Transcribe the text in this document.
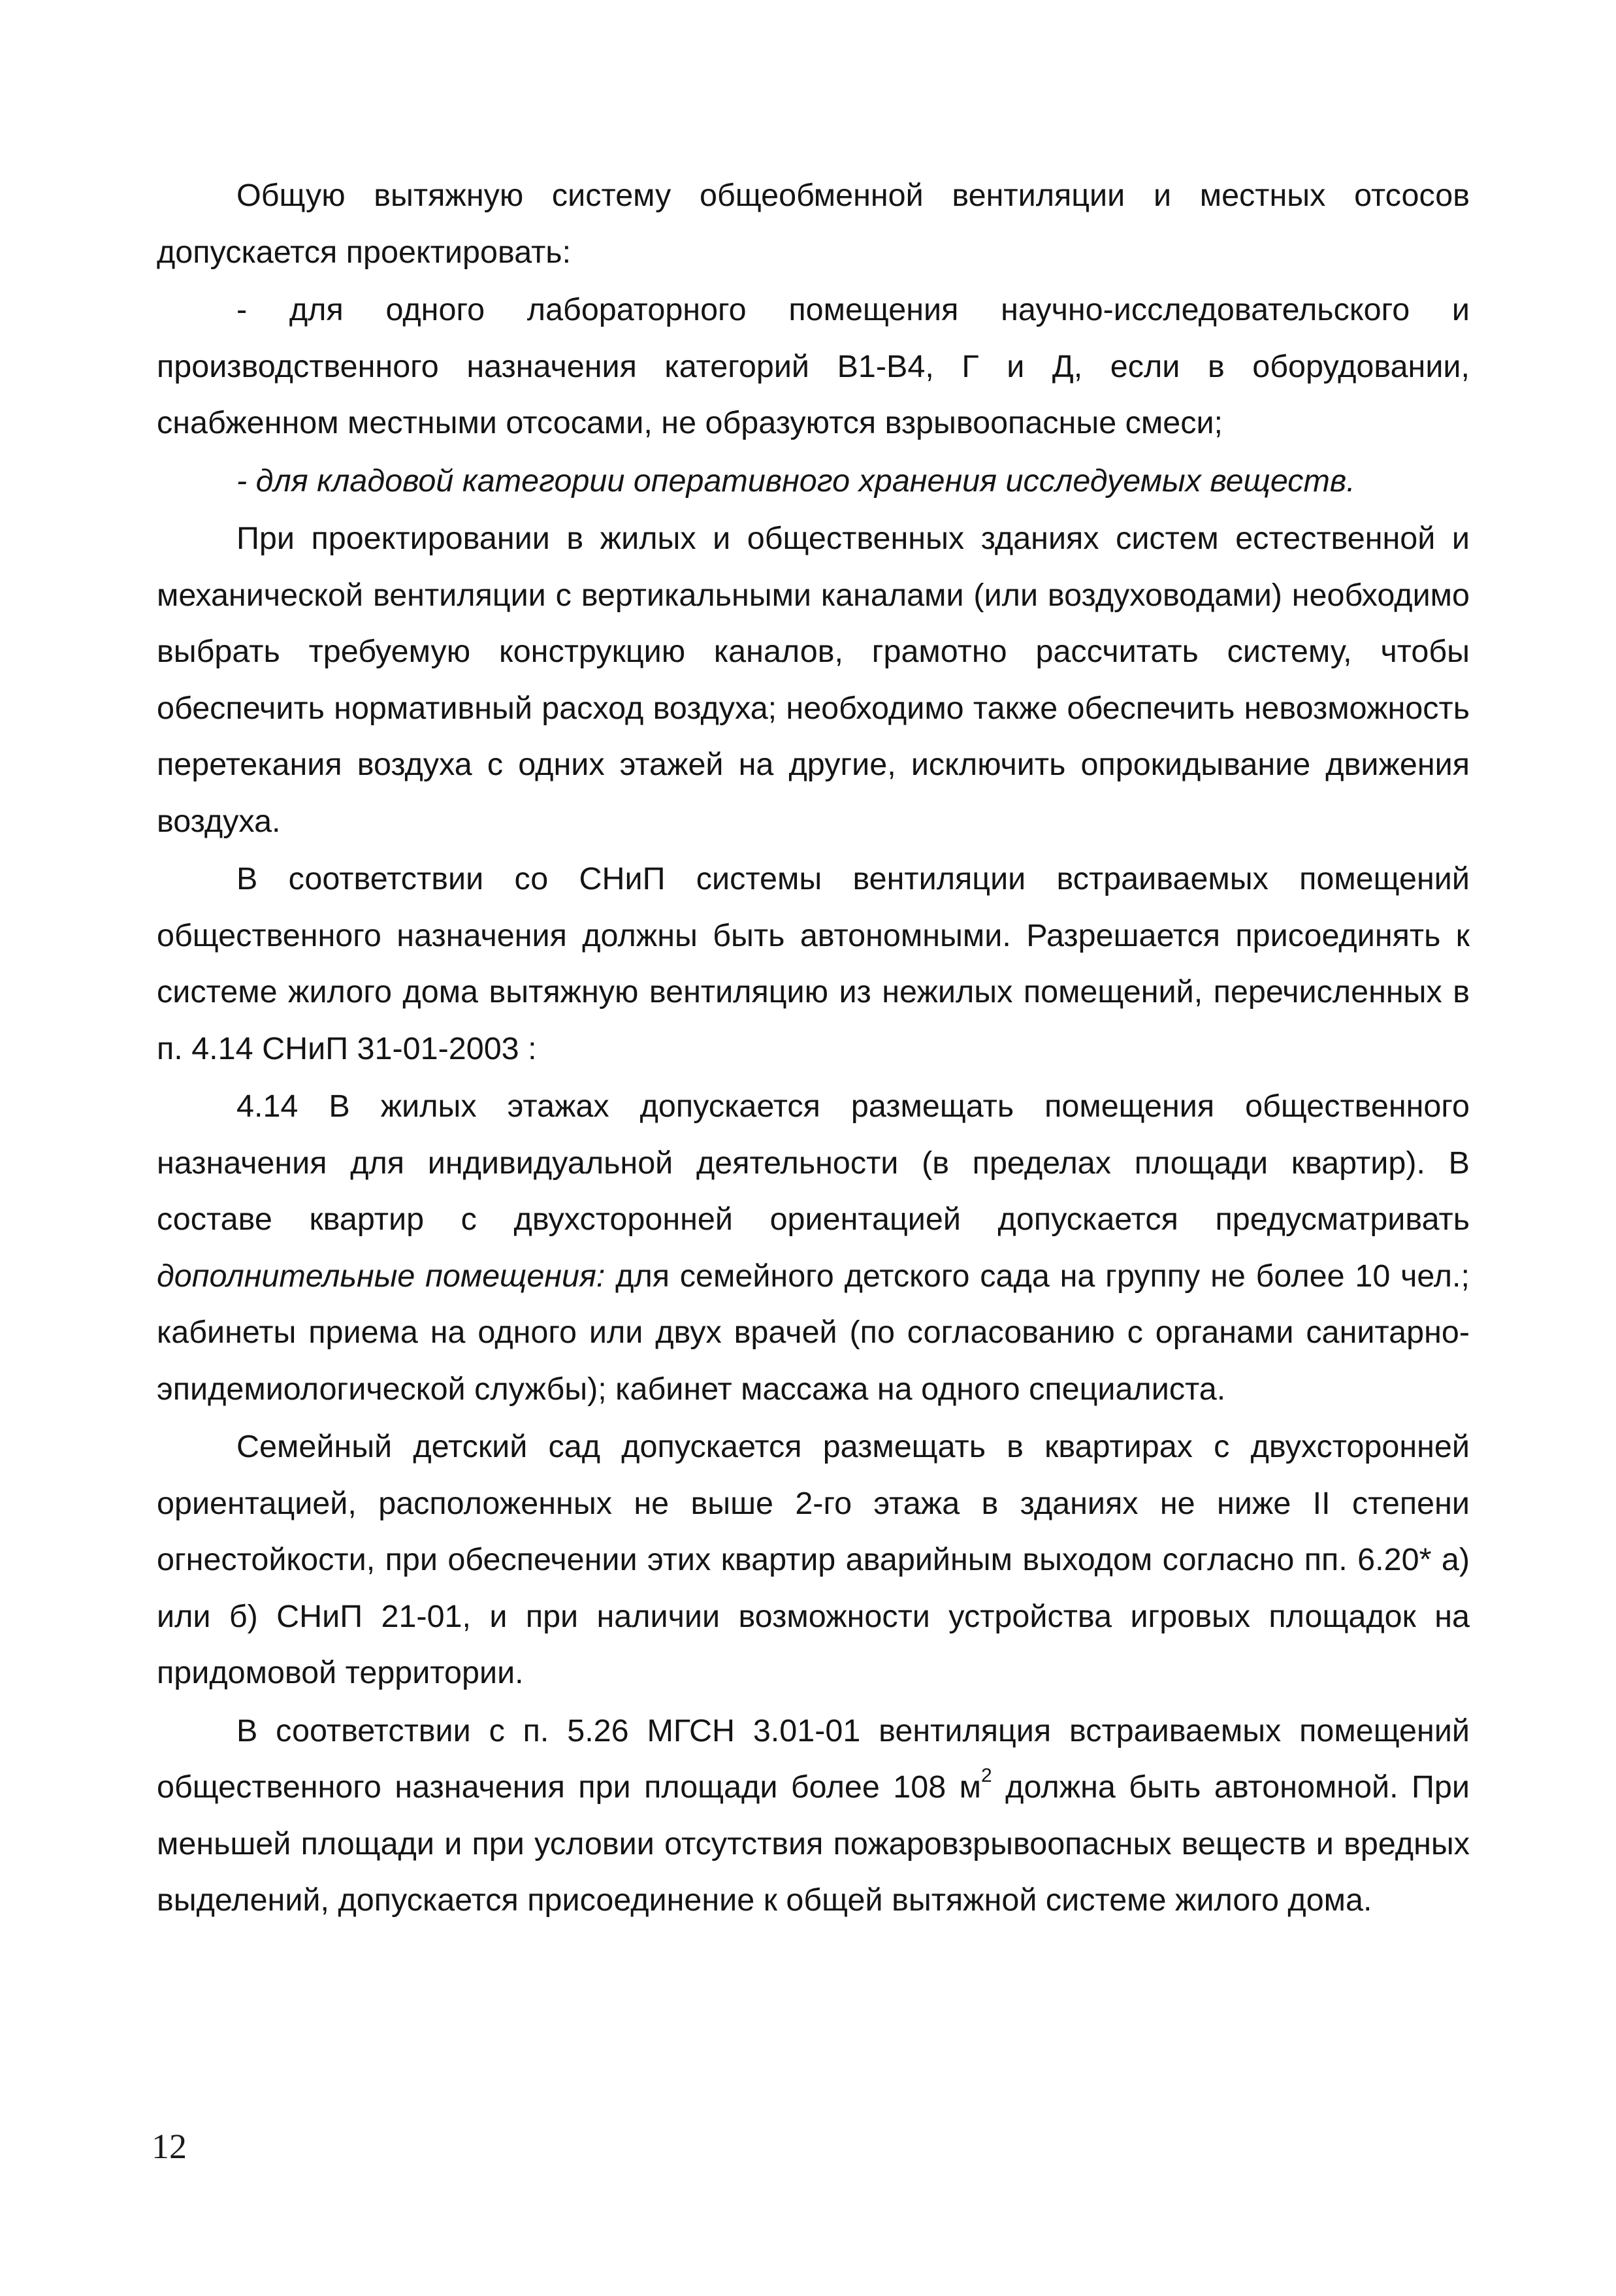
Общую вытяжную систему общеобменной вентиляции и местных отсосов допускается проектировать:

- для одного лабораторного помещения научно-исследовательского и производственного назначения категорий В1-В4, Г и Д, если в оборудовании, снабженном местными отсосами, не образуются взрывоопасные смеси;

- для кладовой категории оперативного хранения исследуемых веществ.

При проектировании в жилых и общественных зданиях систем естественной и механической вентиляции с вертикальными каналами (или воздуховодами) необходимо выбрать требуемую конструкцию каналов, грамотно рассчитать систему, чтобы обеспечить нормативный расход воздуха; необходимо также обеспечить невозможность перетекания воздуха с одних этажей на другие, исключить опрокидывание движения воздуха.

В соответствии со СНиП системы вентиляции встраиваемых помещений общественного назначения должны быть автономными. Разрешается присоединять к системе жилого дома вытяжную вентиляцию из нежилых помещений, перечисленных в п. 4.14 СНиП 31-01-2003 :

4.14 В жилых этажах допускается размещать помещения общественного назначения для индивидуальной деятельности (в пределах площади квартир). В составе квартир с двухсторонней ориентацией допускается предусматривать дополнительные помещения: для семейного детского сада на группу не более 10 чел.; кабинеты приема на одного или двух врачей (по согласованию с органами санитарно-эпидемиологической службы); кабинет массажа на одного специалиста.

Семейный детский сад допускается размещать в квартирах с двухсторонней ориентацией, расположенных не выше 2-го этажа в зданиях не ниже II степени огнестойкости, при обеспечении этих квартир аварийным выходом согласно пп. 6.20* а) или б) СНиП 21-01, и при наличии возможности устройства игровых площадок на придомовой территории.

В соответствии с п. 5.26 МГСН 3.01-01 вентиляция встраиваемых помещений общественного назначения при площади более 108 $м^2$ должна быть автономной. При меньшей площади и при условии отсутствия пожаровзрывоопасных веществ и вредных выделений, допускается присоединение к общей вытяжной системе жилого дома.

12
